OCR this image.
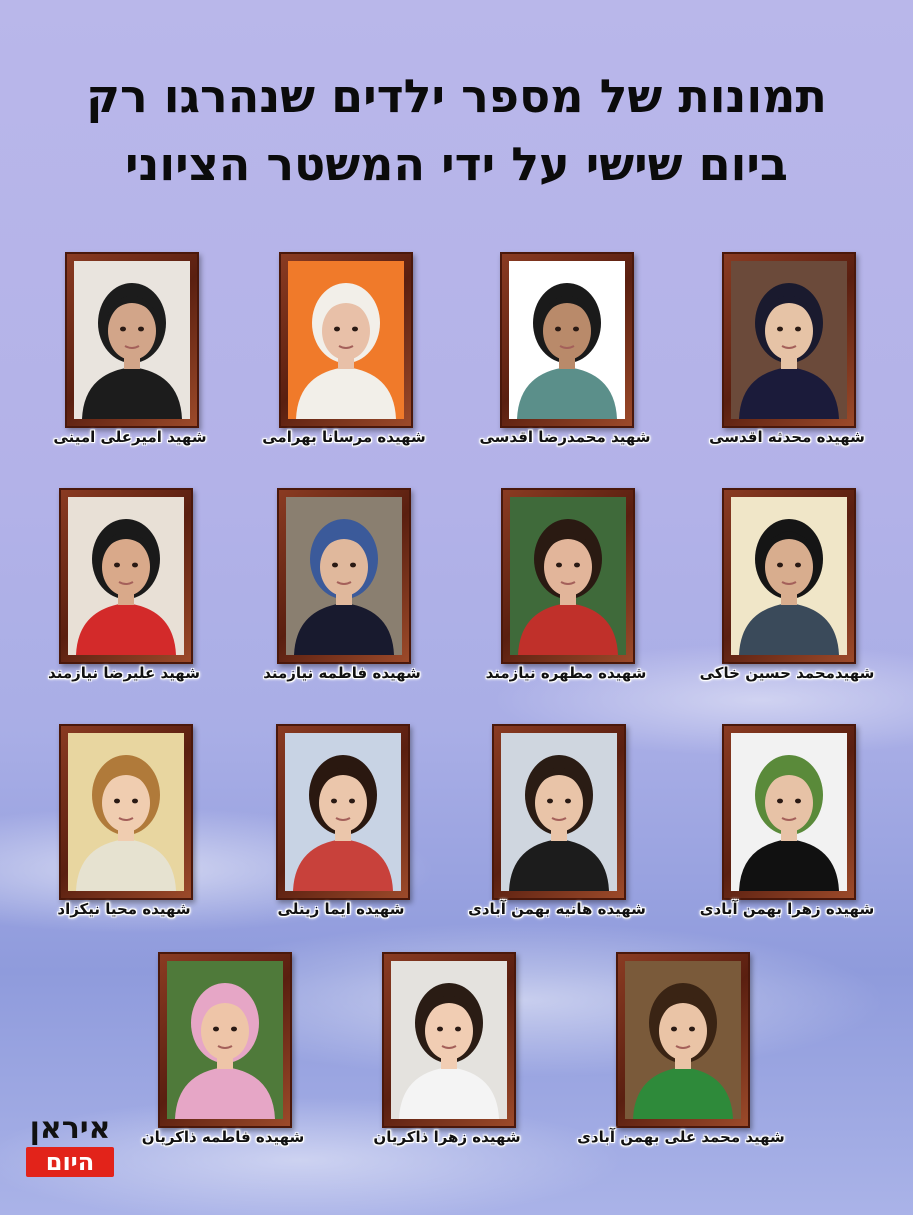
תמונות של מספר ילדים שנהרגו רק
ביום שישי על ידי המשטר הציוני
شهيده محدثه اقدسی
شهيد محمدرضا اقدسی
شهيده مرسانا بهرامی
شهيد اميرعلی امينی
شهيدمحمد حسين خاکی
شهيده مطهره نيازمند
شهيده فاطمه نيازمند
شهيد عليرضا نيازمند
شهيده زهرا بهمن آبادی
شهيده هانيه بهمن آبادی
شهيده ايما زينلی
شهيده محيا نيکزاد
شهيد محمد علی بهمن آبادی
شهيده زهرا ذاکريان
شهيده فاطمه ذاکريان
איראן
היום
